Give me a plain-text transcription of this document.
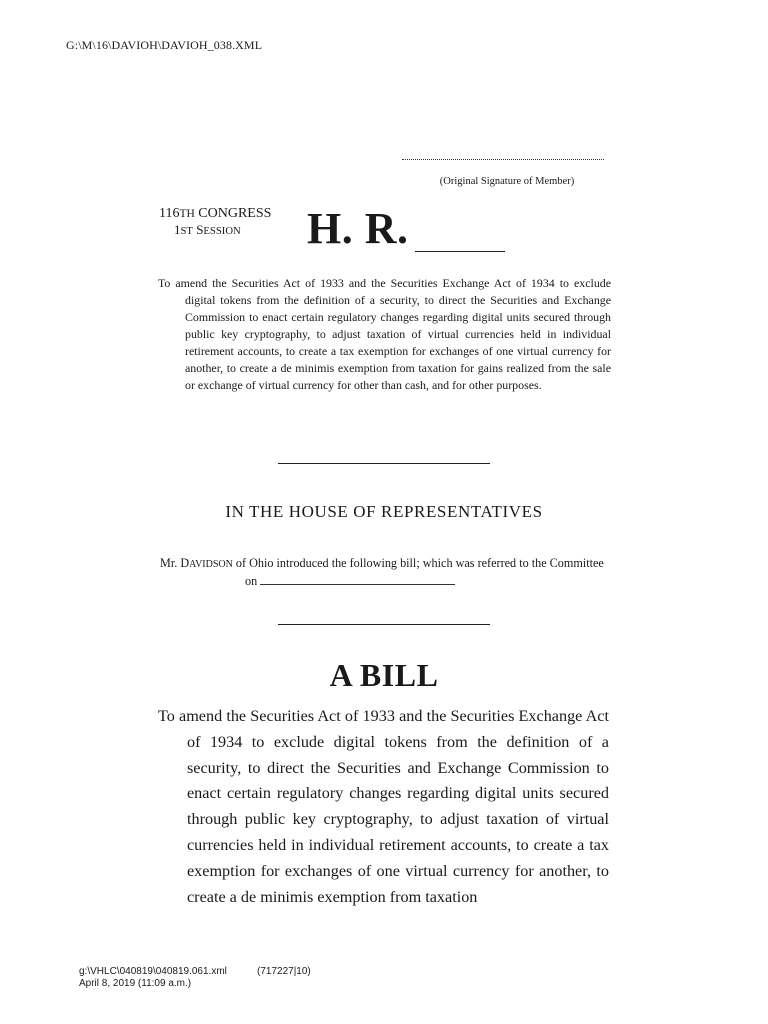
G:\M\16\DAVIOH\DAVIOH_038.XML
(Original Signature of Member)
116TH CONGRESS
1ST SESSION	H. R.
To amend the Securities Act of 1933 and the Securities Exchange Act of 1934 to exclude digital tokens from the definition of a security, to direct the Securities and Exchange Commission to enact certain regulatory changes regarding digital units secured through public key cryptography, to adjust taxation of virtual currencies held in individual retirement accounts, to create a tax exemption for exchanges of one virtual currency for another, to create a de minimis exemption from taxation for gains realized from the sale or exchange of virtual currency for other than cash, and for other purposes.
IN THE HOUSE OF REPRESENTATIVES
Mr. DAVIDSON of Ohio introduced the following bill; which was referred to the Committee on
A BILL
To amend the Securities Act of 1933 and the Securities Exchange Act of 1934 to exclude digital tokens from the definition of a security, to direct the Securities and Exchange Commission to enact certain regulatory changes regarding digital units secured through public key cryptography, to adjust taxation of virtual currencies held in individual retirement accounts, to create a tax exemption for exchanges of one virtual currency for another, to create a de minimis exemption from taxation
g:\VHLC\040819\040819.061.xml
April 8, 2019 (11:09 a.m.)
(717227|10)
